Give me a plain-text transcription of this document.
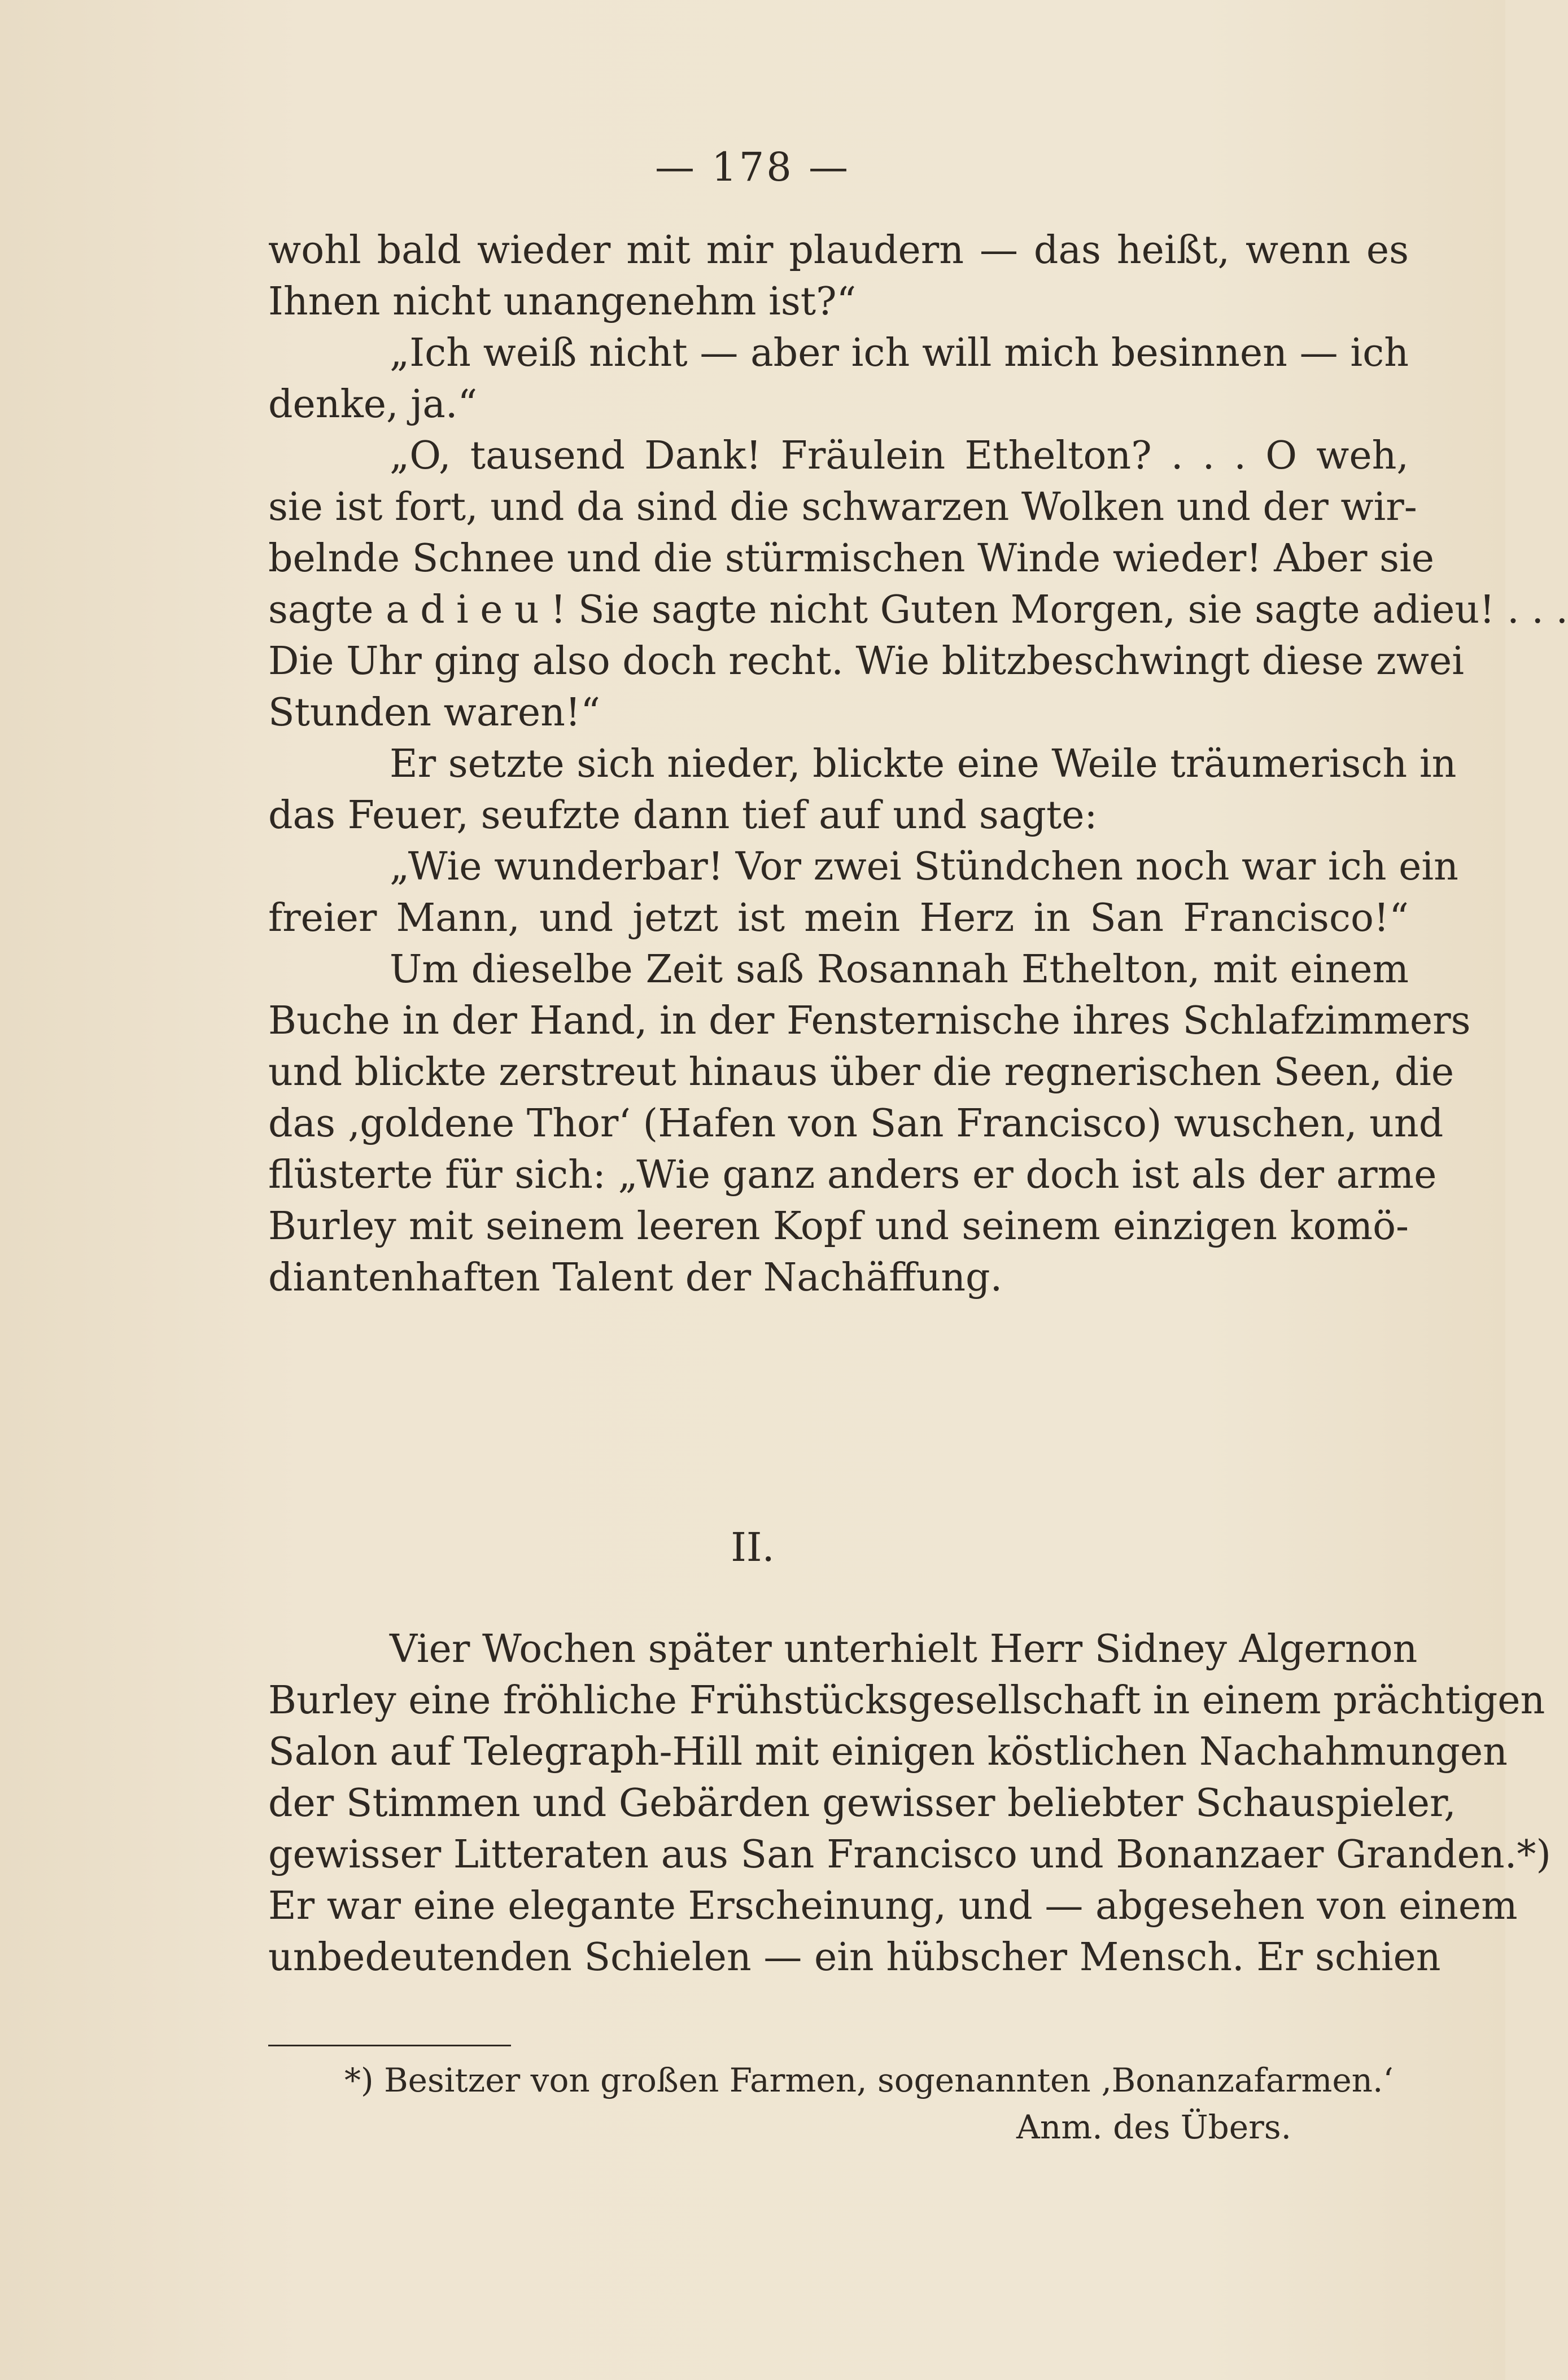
— 178 —
wohl bald wieder mit mir plaudern — das heißt, wenn es
Ihnen nicht unangenehm ist?“
„Ich weiß nicht — aber ich will mich besinnen — ich
denke, ja.“
„O, tausend Dank! Fräulein Ethelton? . . . O weh,
sie ist fort, und da sind die schwarzen Wolken und der wir-
belnde Schnee und die stürmischen Winde wieder! Aber sie
sagte adieu! Sie sagte nicht Guten Morgen, sie sagte adieu! . . .
Die Uhr ging also doch recht. Wie blitzbeschwingt diese zwei
Stunden waren!“
Er setzte sich nieder, blickte eine Weile träumerisch in
das Feuer, seufzte dann tief auf und sagte:
„Wie wunderbar! Vor zwei Stündchen noch war ich ein
freier Mann, und jetzt ist mein Herz in San Francisco!“
Um dieselbe Zeit saß Rosannah Ethelton, mit einem
Buche in der Hand, in der Fensternische ihres Schlafzimmers
und blickte zerstreut hinaus über die regnerischen Seen, die
das ‚goldene Thor‘ (Hafen von San Francisco) wuschen, und
flüsterte für sich: „Wie ganz anders er doch ist als der arme
Burley mit seinem leeren Kopf und seinem einzigen komö-
diantenhaften Talent der Nachäffung.
II.
Vier Wochen später unterhielt Herr Sidney Algernon
Burley eine fröhliche Frühstücksgesellschaft in einem prächtigen
Salon auf Telegraph-Hill mit einigen köstlichen Nachahmungen
der Stimmen und Gebärden gewisser beliebter Schauspieler,
gewisser Litteraten aus San Francisco und Bonanzaer Granden.*)
Er war eine elegante Erscheinung, und — abgesehen von einem
unbedeutenden Schielen — ein hübscher Mensch. Er schien
*) Besitzer von großen Farmen, sogenannten ‚Bonanzafarmen.‘
Anm. des Übers.
